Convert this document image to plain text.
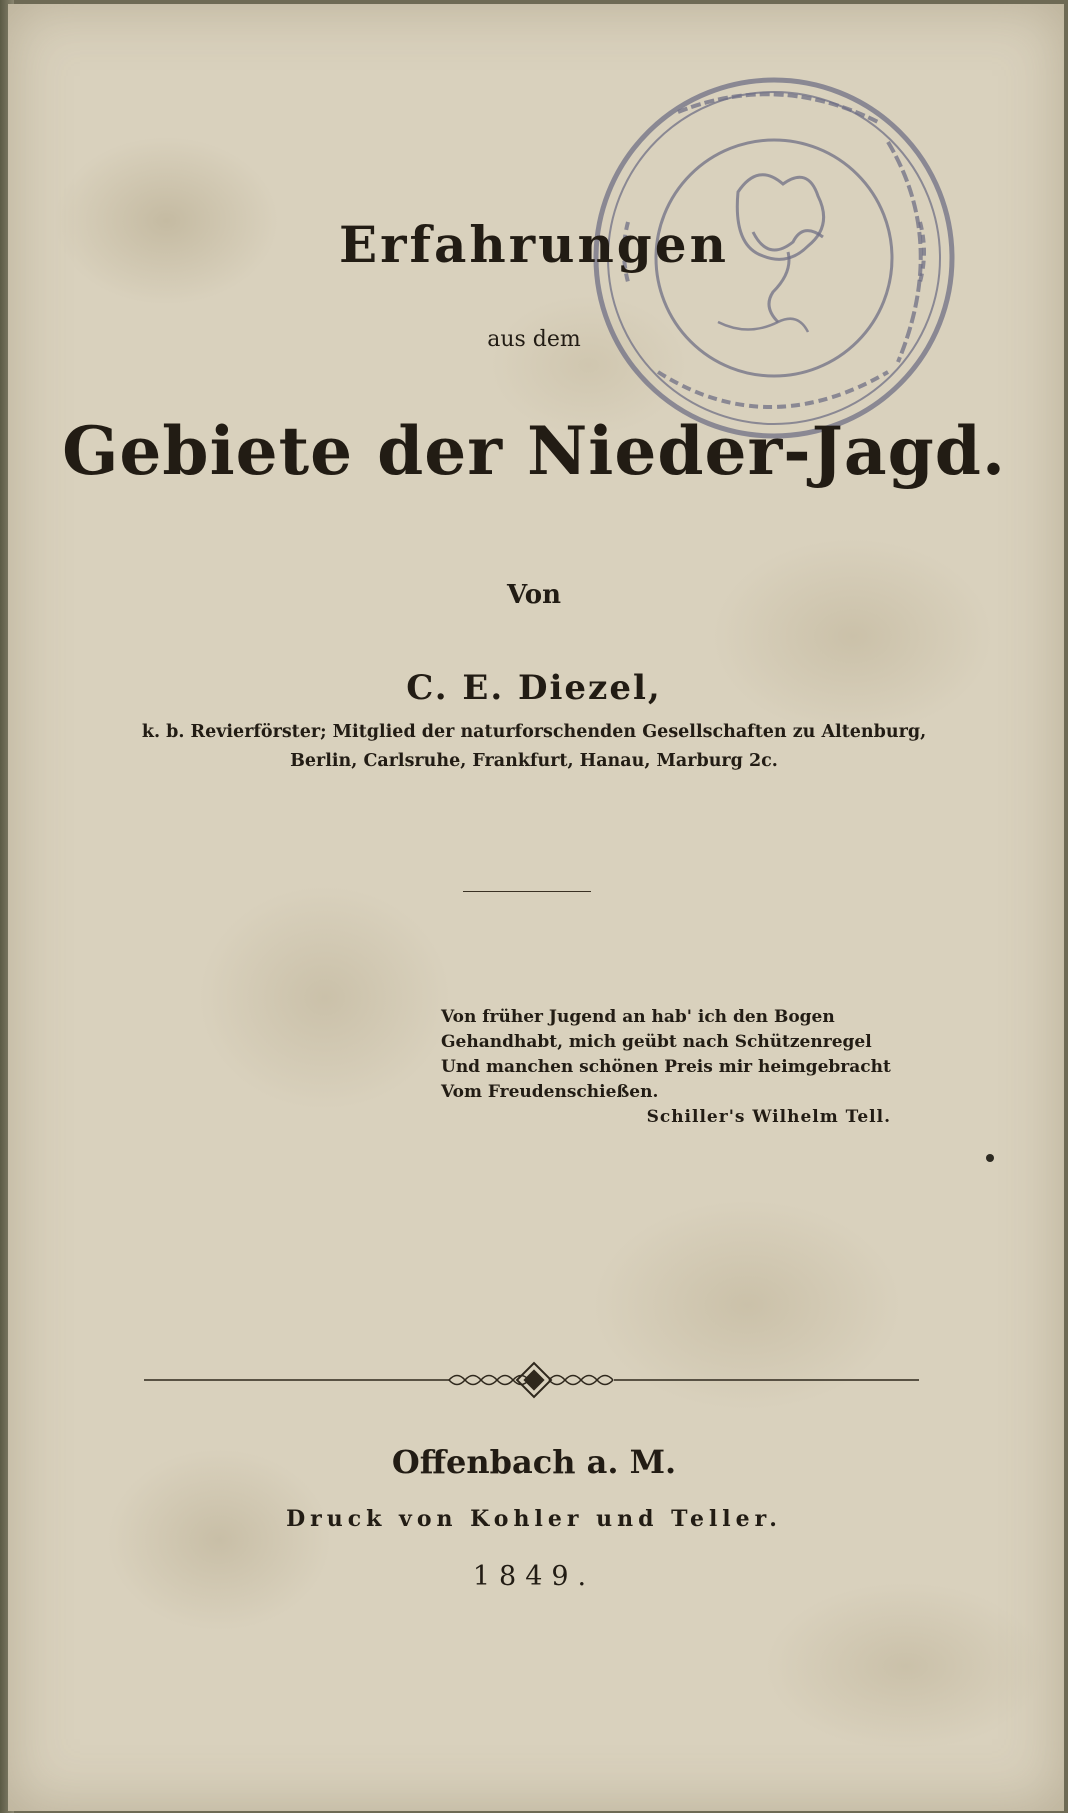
Erfahrungen
aus dem
Gebiete der Nieder-Jagd.
Von
C. E. Diezel,
k. b. Revierförster; Mitglied der naturforschenden Gesellschaften zu Altenburg,
Berlin, Carlsruhe, Frankfurt, Hanau, Marburg 2c.
Von früher Jugend an hab' ich den Bogen
Gehandhabt, mich geübt nach Schützenregel
Und manchen schönen Preis mir heimgebracht
Vom Freudenschießen.
Schiller's Wilhelm Tell.
Offenbach a. M.
Druck von Kohler und Teller.
1849.
